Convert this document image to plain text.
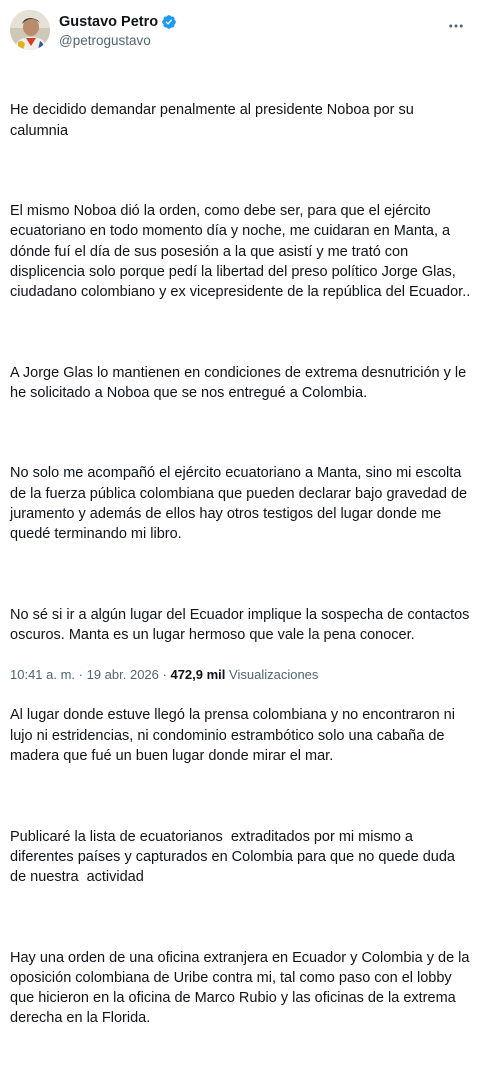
Gustavo Petro
@petrogustavo

He decidido demandar penalmente al presidente Noboa por su calumnia

El mismo Noboa dió la orden, como debe ser, para que el ejército ecuatoriano en todo momento día y noche, me cuidaran en Manta, a dónde fuí el día de sus posesión a la que asistí y me trató con displicencia solo porque pedí la libertad del preso político Jorge Glas, ciudadano colombiano y ex vicepresidente de la república del Ecuador..

A Jorge Glas lo mantienen en condiciones de extrema desnutrición y le he solicitado a Noboa que se nos entregué a Colombia.

No solo me acompañó el ejército ecuatoriano a Manta, sino mi escolta de la fuerza pública colombiana que pueden declarar bajo gravedad de juramento y además de ellos hay otros testigos del lugar donde me quedé terminando mi libro.

No sé si ir a algún lugar del Ecuador implique la sospecha de contactos oscuros. Manta es un lugar hermoso que vale la pena conocer.

Al lugar donde estuve llegó la prensa colombiana y no encontraron ni lujo ni estridencias, ni condominio estrambótico solo una cabaña de madera que fué un buen lugar donde mirar el mar.

Publicaré la lista de ecuatorianos  extraditados por mi mismo a diferentes países y capturados en Colombia para que no quede duda de nuestra  actividad

Hay una orden de una oficina extranjera en Ecuador y Colombia y de la oposición colombiana de Uribe contra mi, tal como paso con el lobby que hicieron en la oficina de Marco Rubio y las oficinas de la extrema derecha en la Florida.

10:41 a. m. · 19 abr. 2026 · 472,9 mil Visualizaciones
